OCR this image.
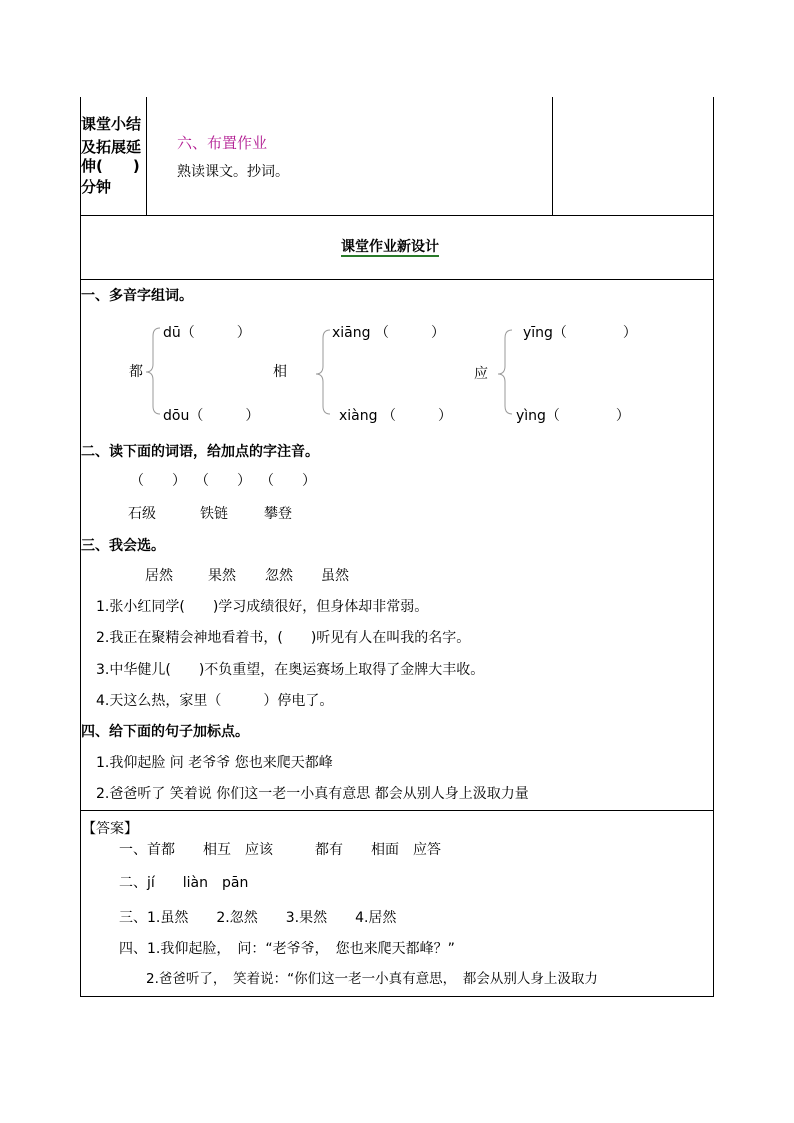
课堂小结
及拓展延
伸(　　)
分钟
六、布置作业
熟读课文。抄词。
课堂作业新设计
一、多音字组词。
都
dū（　　　）
dōu（　　　）
相
xiāng （　　　）
xiàng （　　　）
应
yīng（　　　　）
yìng（　　　　）
二、读下面的词语，给加点的字注音。
（　　） （　　） （　　）
石级	铁链	攀登
三、我会选。
居然	果然 忽然 虽然
1.张小红同学(　　)学习成绩很好，但身体却非常弱。
2.我正在聚精会神地看着书，(　　)听见有人在叫我的名字。
3.中华健儿(　　)不负重望，在奥运赛场上取得了金牌大丰收。
4.天这么热，家里（　　　）停电了。
四、给下面的句子加标点。
1.我仰起脸 问 老爷爷 您也来爬天都峰
2.爸爸听了 笑着说 你们这一老一小真有意思 都会从别人身上汲取力量
【答案】
一、首都　　相互　应该　　　都有　　相面　应答
二、jí　　liàn　pān
三、1.虽然　　2.忽然　　3.果然　　4.居然
四、1.我仰起脸，　问：“老爷爷，　您也来爬天都峰？”
2.爸爸听了，　笑着说：“你们这一老一小真有意思，　都会从别人身上汲取力
